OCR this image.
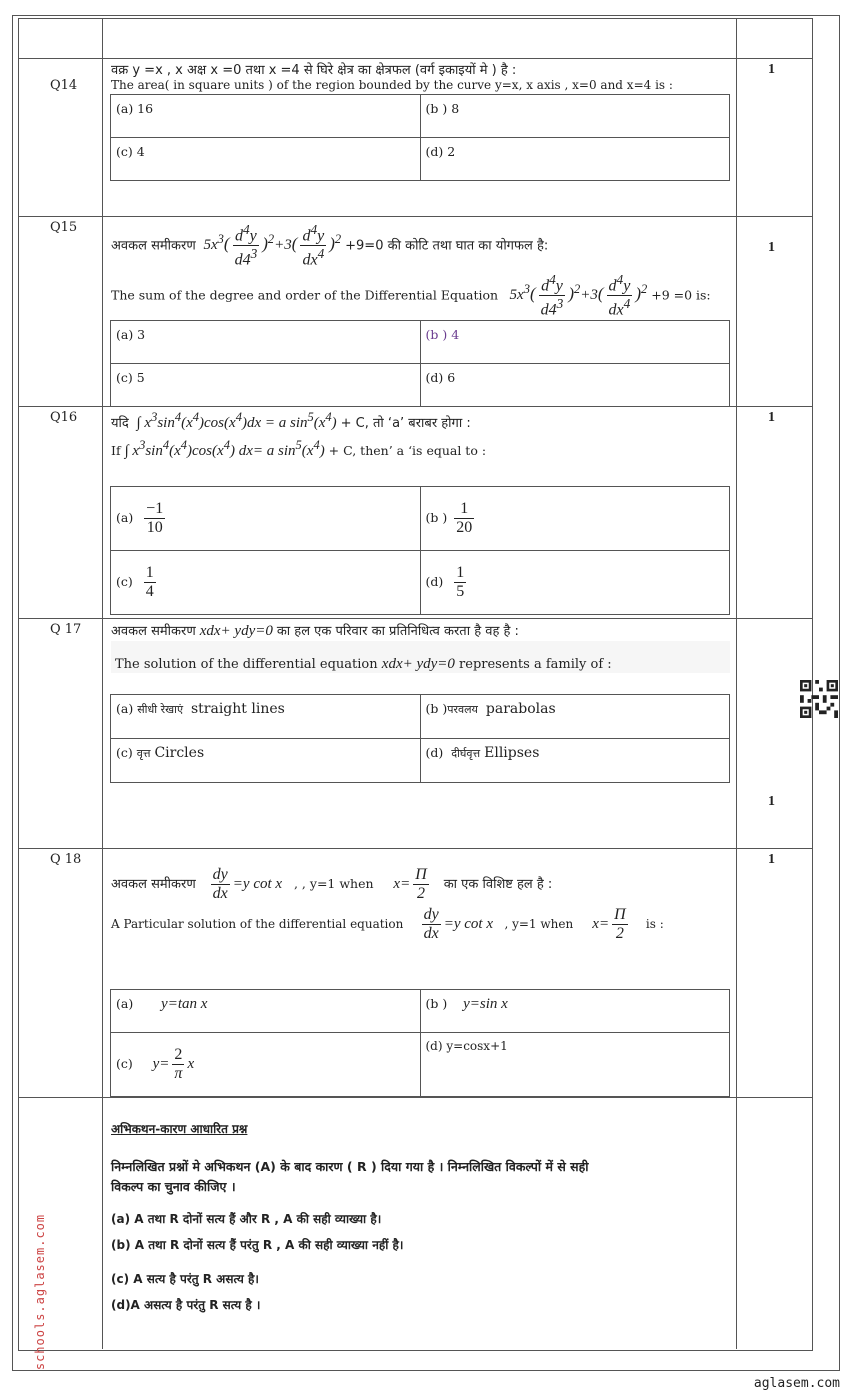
Q14
1
वक्र y =x , x अक्ष x =0 तथा x =4 से घिरे क्षेत्र का क्षेत्रफल (वर्ग इकाइयों मे ) है :
The area( in square units ) of the region bounded by the curve y=x, x axis , x=0 and x=4 is :
(a) 16	(b ) 8
(c) 4	(d) 2
Q15
1
अवकल समीकरण  $5x^3( \frac{d^4y}{d4^3} )^2+3( \frac{d^4y}{dx^4} )^2 +9=0$ की कोटि तथा घात का योगफल है:
The sum of the degree and order of the Differential Equation   $5x^3( \frac{d^4y}{d4^3} )^2+3( \frac{d^4y}{dx^4} )^2 +9 =0$ is:
(a) 3	(b ) 4
(c) 5	(d) 6
Q16	1
यदि  ∫ $x^3\sin^4(x^4)\cos(x^4)dx = a$ $\sin^5(x^4) + C$, तो ‘a’ बराबर होगा :
If ∫ $x^3\sin^4(x^4)\cos(x^4)$ dx= a $\sin^5(x^4) + C$, then’ a ‘is equal to :
$(a) \frac{-1}{10}$	(b ) $\frac{1}{20}$

$(c) \frac{1}{4}$	$(d) \frac{1}{5}$
Q 17
1
अवकल समीकरण xdx+ ydy=0 का हल एक परिवार का प्रतिनिधित्व करता है वह है :
The solution of the differential equation xdx+ ydy=0 represents a family of :
(a) सीधी रेखाएं straight lines	(b )परवलय parabolas
(c) वृत्त Circles	(d) दीर्घवृत्त Ellipses
Q 18	1
अवकल समीकरण $\frac{dy}{dx} =y$ cot x , , y=1 when $x= \frac{\Pi}{2}$ का एक विशिष्ट हल है :
A Particular solution of the differential equation $\frac{dy}{dx} =y$ cot x , y=1 when $x= \frac{\Pi}{2}$ is :
(a) y=tan x	(b ) y=sin x
(c) $y= \frac{2}{\pi}$ x	(d) y=cosx+1
अभिकथन-कारण आधारित प्रश्न
निम्नलिखित प्रश्नों मे अभिकथन (A) के बाद कारण ( R ) दिया गया है । निम्नलिखित विकल्पों में से सही
विकल्प का चुनाव कीजिए ।
(a) A तथा R दोनों सत्य हैं और R , A की सही व्याख्या है।
(b) A तथा R दोनों सत्य हैं परंतु R , A की सही व्याख्या नहीं है।
(c) A सत्य है परंतु R असत्य है।
(d)A असत्य है परंतु R सत्य है ।
schools.aglasem.com
aglasem.com
